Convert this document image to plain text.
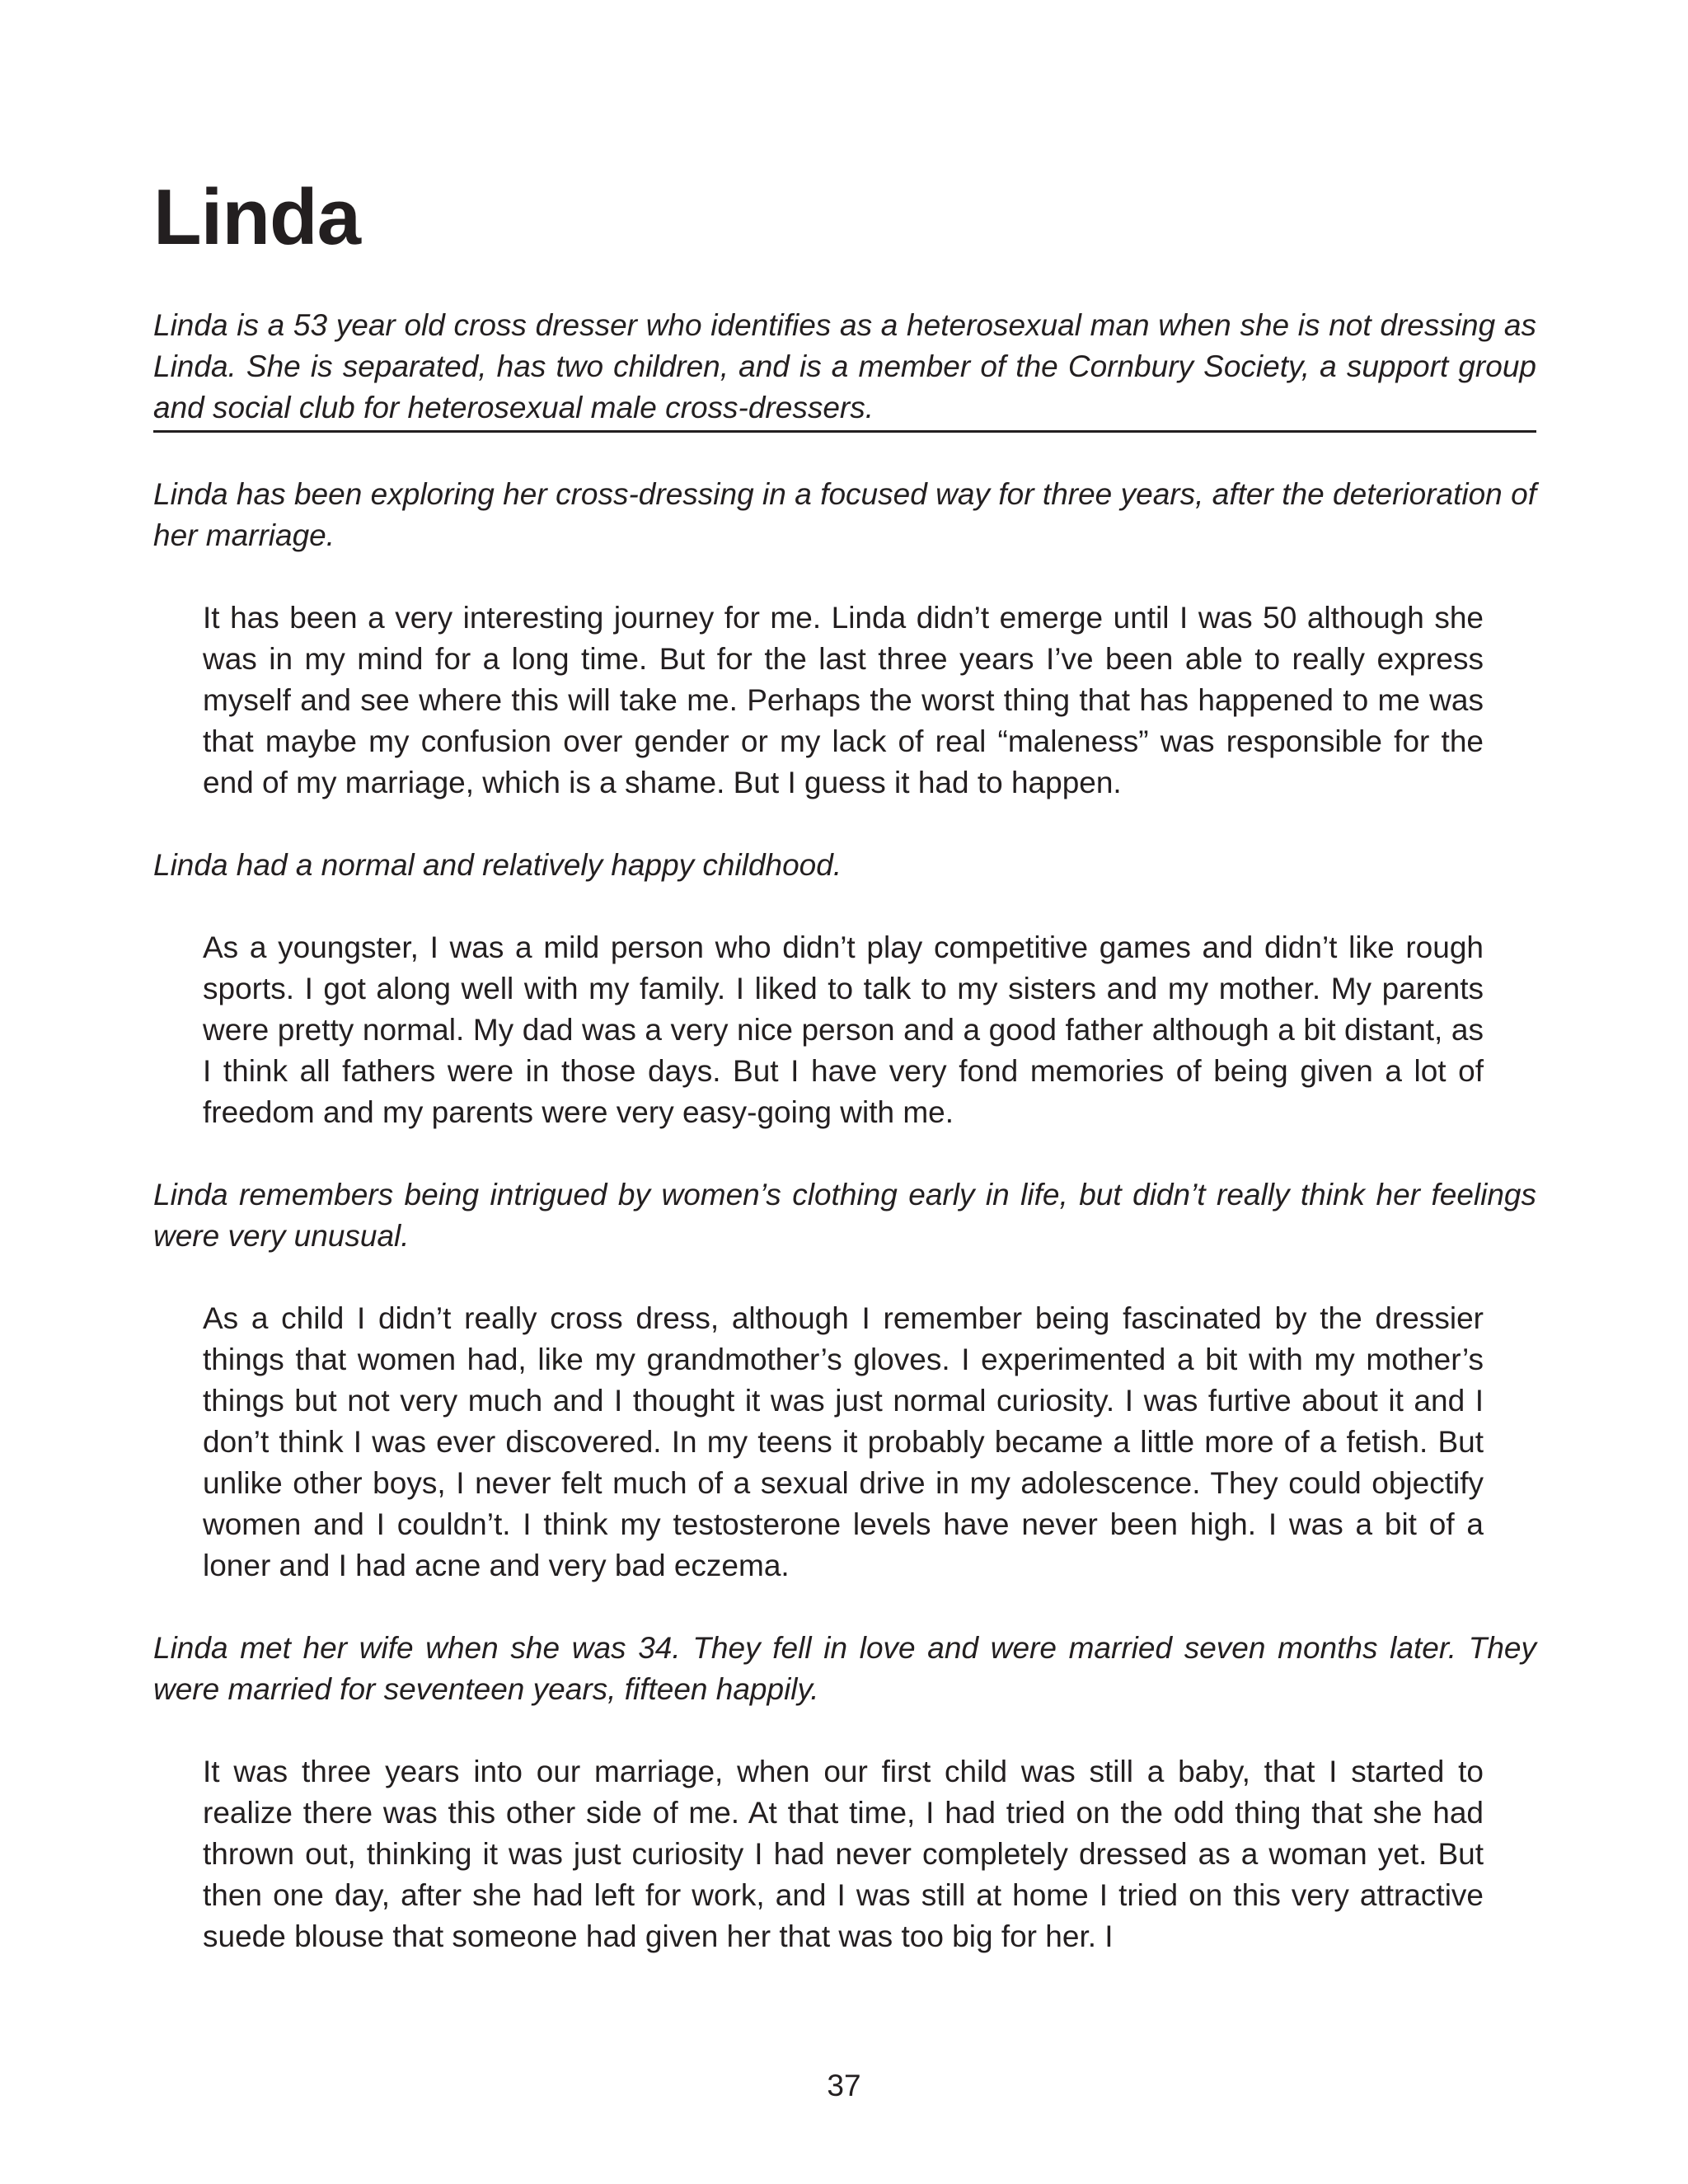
Linda

Linda is a 53 year old cross dresser who identifies as a heterosexual man when she is not dressing as Linda. She is separated, has two children, and is a member of the Cornbury Society, a support group and social club for heterosexual male cross-dressers.

Linda has been exploring her cross-dressing in a focused way for three years, after the deterioration of her marriage.

It has been a very interesting journey for me. Linda didn’t emerge until I was 50 although she was in my mind for a long time. But for the last three years I’ve been able to really express myself and see where this will take me. Perhaps the worst thing that has happened to me was that maybe my confusion over gender or my lack of real “maleness” was responsible for the end of my marriage, which is a shame. But I guess it had to happen.

Linda had a normal and relatively happy childhood.

As a youngster, I was a mild person who didn’t play competitive games and didn’t like rough sports. I got along well with my family. I liked to talk to my sisters and my mother. My parents were pretty normal. My dad was a very nice person and a good father although a bit distant, as I think all fathers were in those days. But I have very fond memories of being given a lot of freedom and my parents were very easy-going with me.

Linda remembers being intrigued by women’s clothing early in life, but didn’t really think her feelings were very unusual.

As a child I didn’t really cross dress, although I remember being fascinated by the dressier things that women had, like my grandmother’s gloves. I experimented a bit with my mother’s things but not very much and I thought it was just normal curiosity. I was furtive about it and I don’t think I was ever discovered. In my teens it probably became a little more of a fetish. But unlike other boys, I never felt much of a sexual drive in my adolescence. They could objectify women and I couldn’t. I think my testosterone levels have never been high. I was a bit of a loner and I had acne and very bad eczema.

Linda met her wife when she was 34. They fell in love and were married seven months later. They were married for seventeen years, fifteen happily.

It was three years into our marriage, when our first child was still a baby, that I started to realize there was this other side of me. At that time, I had tried on the odd thing that she had thrown out, thinking it was just curiosity I had never completely dressed as a woman yet. But then one day, after she had left for work, and I was still at home I tried on this very attractive suede blouse that someone had given her that was too big for her. I

37
